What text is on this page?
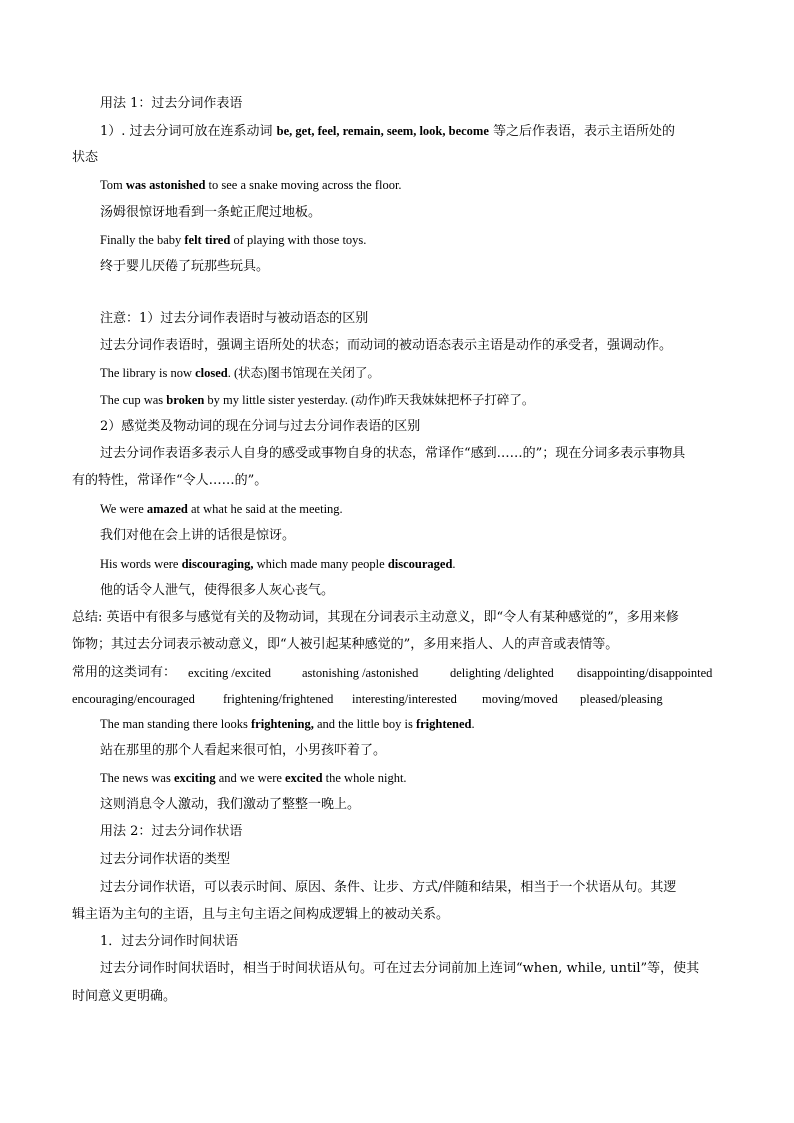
用法 1：过去分词作表语
1）. 过去分词可放在连系动词 be, get, feel, remain, seem, look, become 等之后作表语，表示主语所处的
状态
Tom was astonished to see a snake moving across the floor.
汤姆很惊讶地看到一条蛇正爬过地板。
Finally the baby felt tired of playing with those toys.
终于婴儿厌倦了玩那些玩具。
注意：1）过去分词作表语时与被动语态的区别
过去分词作表语时，强调主语所处的状态；而动词的被动语态表示主语是动作的承受者，强调动作。
The library is now closed. (状态)图书馆现在关闭了。
The cup was broken by my little sister yesterday. (动作)昨天我妹妹把杯子打碎了。
2）感觉类及物动词的现在分词与过去分词作表语的区别
过去分词作表语多表示人自身的感受或事物自身的状态，常译作“感到……的”；现在分词多表示事物具
有的特性，常译作“令人……的”。
We were amazed at what he said at the meeting.
我们对他在会上讲的话很是惊讶。
His words were discouraging, which made many people discouraged.
他的话令人泄气，使得很多人灰心丧气。
总结: 英语中有很多与感觉有关的及物动词，其现在分词表示主动意义，即“令人有某种感觉的”，多用来修
饰物；其过去分词表示被动意义，即“人被引起某种感觉的”，多用来指人、人的声音或表情等。
常用的这类词有： exciting /excited astonishing /astonished	delighting /delighted disappointing/disappointed
encouraging/encouraged frightening/frightened interesting/interested moving/moved pleased/pleasing
The man standing there looks frightening, and the little boy is frightened.
站在那里的那个人看起来很可怕，小男孩吓着了。
The news was exciting and we were excited the whole night.
这则消息令人激动，我们激动了整整一晚上。
用法 2：过去分词作状语
过去分词作状语的类型
过去分词作状语，可以表示时间、原因、条件、让步、方式/伴随和结果，相当于一个状语从句。其逻
辑主语为主句的主语，且与主句主语之间构成逻辑上的被动关系。
1．过去分词作时间状语
过去分词作时间状语时，相当于时间状语从句。可在过去分词前加上连词“when, while, until”等，使其
时间意义更明确。
